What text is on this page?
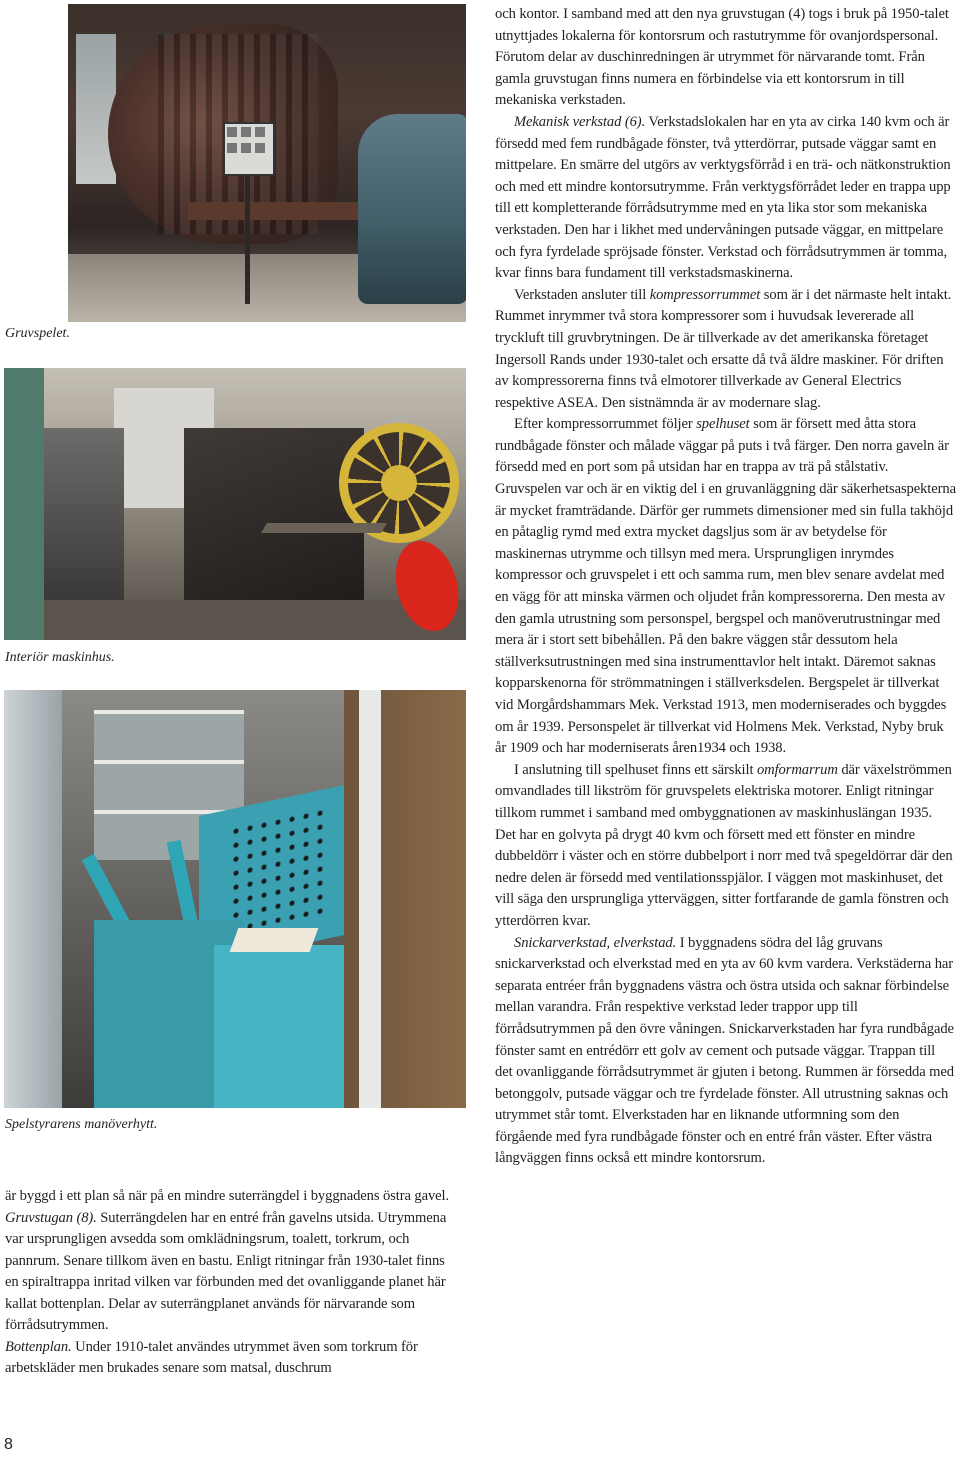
Gruvspelet.
Interiör maskinhus.
Spelstyrarens manöverhytt.

är byggd i ett plan så när på en mindre suterrängdel i byggnadens östra gavel.

Gruvstugan (8). Suterrängdelen har en entré från gavelns utsida. Utrymmena var ursprungligen avsedda som omklädningsrum, toalett, torkrum, och pannrum. Senare tillkom även en bastu. Enligt ritningar från 1930-talet finns en spiraltrappa inritad vilken var förbunden med det ovanliggande planet här kallat bottenplan. Delar av suterrängplanet används för närvarande som förrådsutrymmen.

Bottenplan. Under 1910-talet användes utrymmet även som torkrum för arbetskläder men brukades senare som matsal, duschrum

och kontor. I samband med att den nya gruvstugan (4) togs i bruk på 1950-talet utnyttjades lokalerna för kontorsrum och rastutrymme för ovanjordspersonal. Förutom delar av duschinredningen är utrymmet för närvarande tomt. Från gamla gruvstugan finns numera en förbindelse via ett kontorsrum in till mekaniska verkstaden.

Mekanisk verkstad (6). Verkstadslokalen har en yta av cirka 140 kvm och är försedd med fem rundbågade fönster, två ytterdörrar, putsade väggar samt en mittpelare. En smärre del utgörs av verktygsförråd i en trä- och nätkonstruktion och med ett mindre kontorsutrymme. Från verktygsförrådet leder en trappa upp till ett kompletterande förrådsutrymme med en yta lika stor som mekaniska verkstaden. Den har i likhet med undervåningen putsade väggar, en mittpelare och fyra fyrdelade spröjsade fönster. Verkstad och förrådsutrymmen är tomma, kvar finns bara fundament till verkstadsmaskinerna.

Verkstaden ansluter till kompressorrummet som är i det närmaste helt intakt. Rummet inrymmer två stora kompressorer som i huvudsak levererade all tryckluft till gruvbrytningen. De är tillverkade av det amerikanska företaget Ingersoll Rands under 1930-talet och ersatte då två äldre maskiner. För driften av kompressorerna finns två elmotorer tillverkade av General Electrics respektive ASEA. Den sistnämnda är av modernare slag.

Efter kompressorrummet följer spelhuset som är försett med åtta stora rundbågade fönster och målade väggar på puts i två färger. Den norra gaveln är försedd med en port som på utsidan har en trappa av trä på stålstativ. Gruvspelen var och är en viktig del i en gruvanläggning där säkerhetsaspekterna är mycket framträdande. Därför ger rummets dimensioner med sin fulla takhöjd en påtaglig rymd med extra mycket dagsljus som är av betydelse för maskinernas utrymme och tillsyn med mera. Ursprungligen inrymdes kompressor och gruvspelet i ett och samma rum, men blev senare avdelat med en vägg för att minska värmen och oljudet från kompressorerna. Den mesta av den gamla utrustning som personspel, bergspel och manöverutrustningar med mera är i stort sett bibehållen. På den bakre väggen står dessutom hela ställverksutrustningen med sina instrumenttavlor helt intakt. Däremot saknas kopparskenorna för strömmatningen i ställverksdelen. Bergspelet är tillverkat vid Morgårdshammars Mek. Verkstad 1913, men moderniserades och byggdes om år 1939. Personspelet är tillverkat vid Holmens Mek. Verkstad, Nyby bruk år 1909 och har moderniserats åren1934 och 1938.

I anslutning till spelhuset finns ett särskilt omformarrum där växelströmmen omvandlades till likström för gruvspelets elektriska motorer. Enligt ritningar tillkom rummet i samband med ombyggnationen av maskinhuslängan 1935. Det har en golvyta på drygt 40 kvm och försett med ett fönster en mindre dubbeldörr i väster och en större dubbelport i norr med två spegeldörrar där den nedre delen är försedd med ventilationsspjälor. I väggen mot maskinhuset, det vill säga den ursprungliga ytterväggen, sitter fortfarande de gamla fönstren och ytterdörren kvar.

Snickarverkstad, elverkstad. I byggnadens södra del låg gruvans snickarverkstad och elverkstad med en yta av 60 kvm vardera. Verkstäderna har separata entréer från byggnadens västra och östra utsida och saknar förbindelse mellan varandra. Från respektive verkstad leder trappor upp till förrådsutrymmen på den övre våningen. Snickarverkstaden har fyra rundbågade fönster samt en entrédörr ett golv av cement och putsade väggar. Trappan till det ovanliggande förrådsutrymmet är gjuten i betong. Rummen är försedda med betonggolv, putsade väggar och tre fyrdelade fönster. All utrustning saknas och utrymmet står tomt. Elverkstaden har en liknande utformning som den förgående med fyra rundbågade fönster och en entré från väster. Efter västra långväggen finns också ett mindre kontorsrum.

8
